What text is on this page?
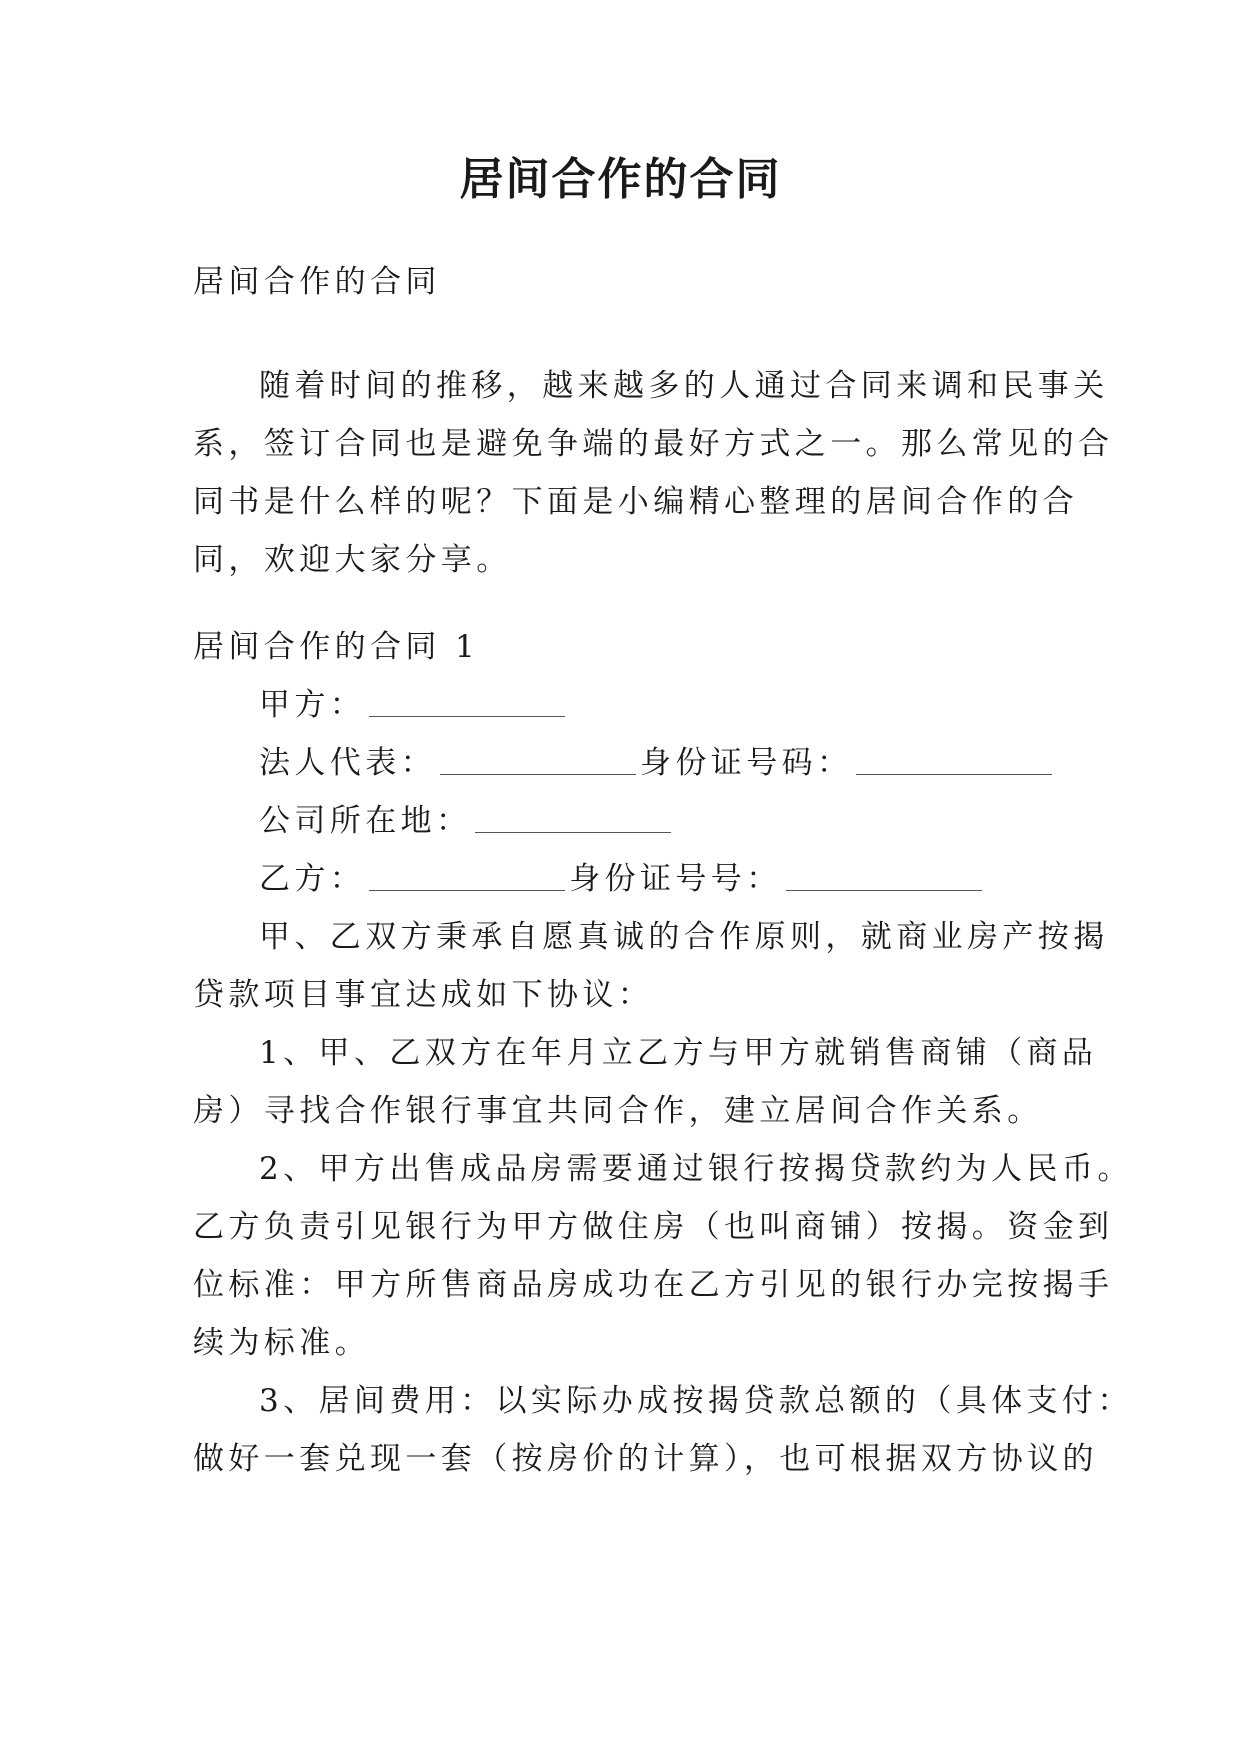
居间合作的合同
居间合作的合同
随着时间的推移，越来越多的人通过合同来调和民事关
系，签订合同也是避免争端的最好方式之一。那么常见的合
同书是什么样的呢？下面是小编精心整理的居间合作的合
同，欢迎大家分享。
居间合作的合同 1
甲方：
法人代表：	身份证号码：
公司所在地：
乙方：	身份证号号：
甲、乙双方秉承自愿真诚的合作原则，就商业房产按揭
贷款项目事宜达成如下协议：
1、甲、乙双方在年月立乙方与甲方就销售商铺（商品
房）寻找合作银行事宜共同合作，建立居间合作关系。
2、甲方出售成品房需要通过银行按揭贷款约为人民币。
乙方负责引见银行为甲方做住房（也叫商铺）按揭。资金到
位标准：甲方所售商品房成功在乙方引见的银行办完按揭手
续为标准。
3、居间费用：以实际办成按揭贷款总额的（具体支付：
做好一套兑现一套（按房价的计算），也可根据双方协议的
